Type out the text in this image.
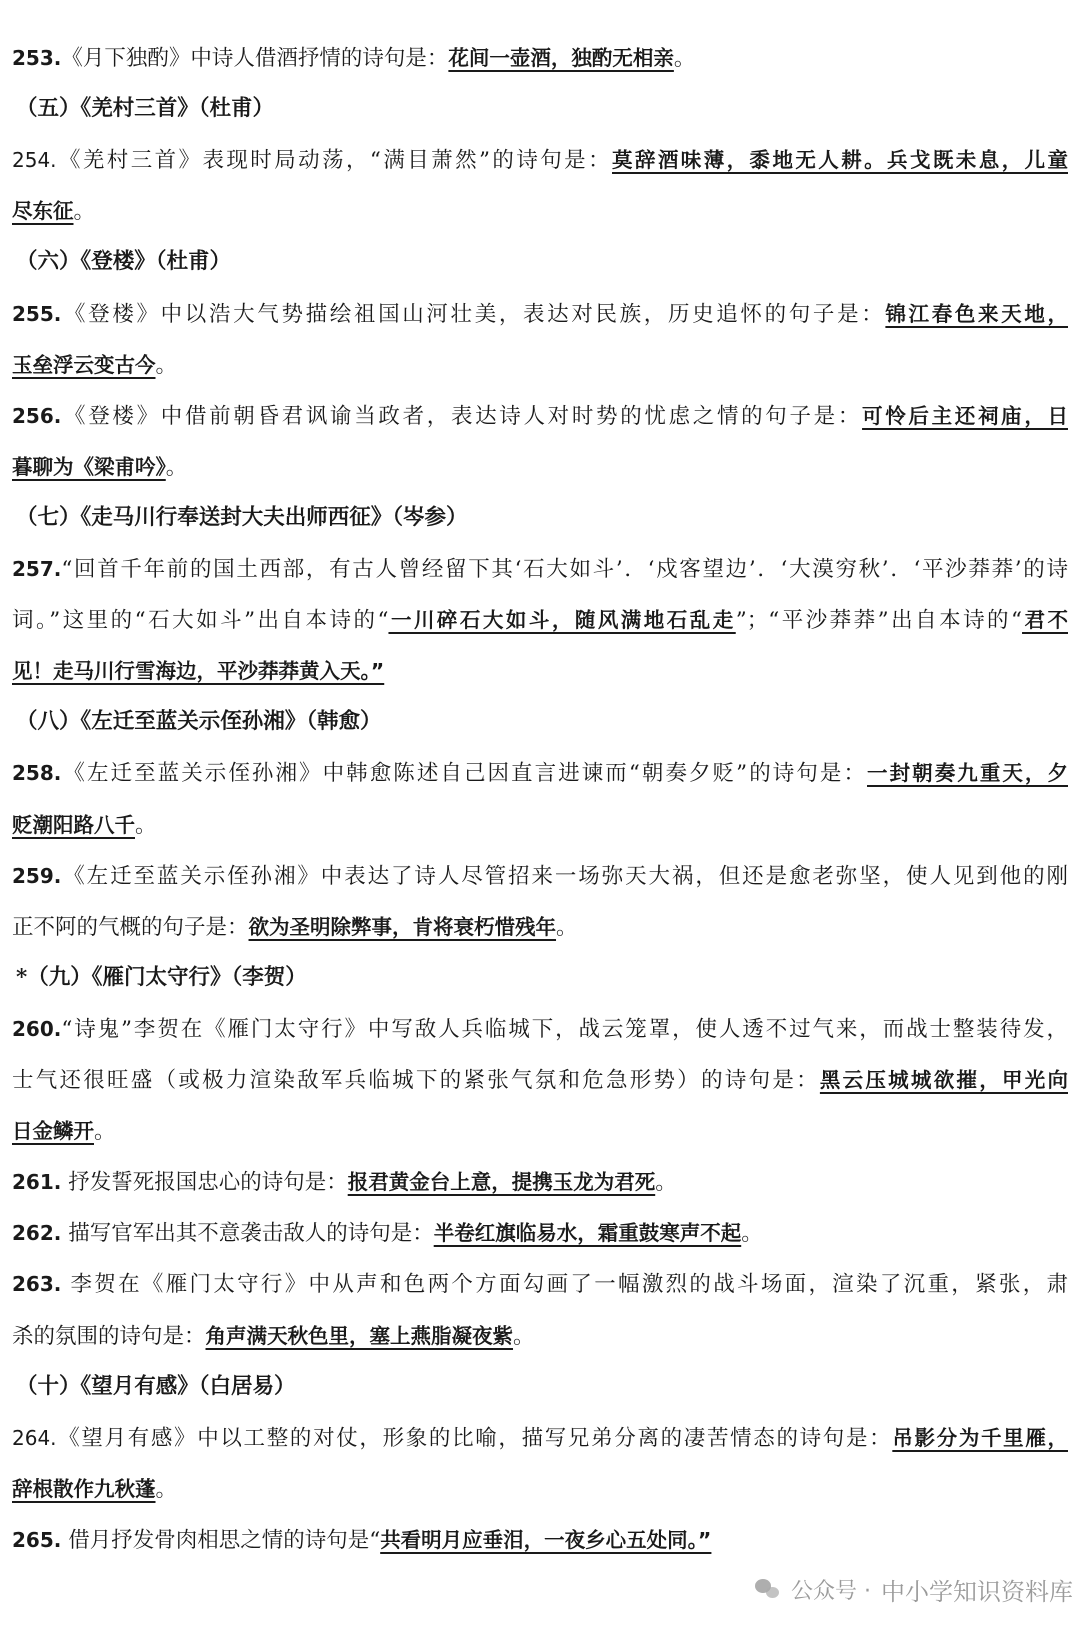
253.《月下独酌》中诗人借酒抒情的诗句是：花间一壶酒，独酌无相亲。
（五）《羌村三首》（杜甫）
254.《羌村三首》表现时局动荡，“满目萧然”的诗句是：莫辞酒味薄，黍地无人耕。兵戈既未息，儿童
尽东征。
（六）《登楼》（杜甫）
255.《登楼》中以浩大气势描绘祖国山河壮美，表达对民族，历史追怀的句子是：锦江春色来天地，
玉垒浮云变古今。
256.《登楼》中借前朝昏君讽谕当政者，表达诗人对时势的忧虑之情的句子是：可怜后主还祠庙，日
暮聊为《梁甫吟》。
（七）《走马川行奉送封大夫出师西征》（岑参）
257.“回首千年前的国土西部，有古人曾经留下其‘石大如斗’．‘戍客望边’．‘大漠穷秋’．‘平沙莽莽’的诗
词。”这里的“石大如斗”出自本诗的“一川碎石大如斗，随风满地石乱走”；“平沙莽莽”出自本诗的“君不
见！走马川行雪海边，平沙莽莽黄入天。”
（八）《左迁至蓝关示侄孙湘》（韩愈）
258.《左迁至蓝关示侄孙湘》中韩愈陈述自己因直言进谏而“朝奏夕贬”的诗句是：一封朝奏九重天，夕
贬潮阳路八千。
259.《左迁至蓝关示侄孙湘》中表达了诗人尽管招来一场弥天大祸，但还是愈老弥坚，使人见到他的刚
正不阿的气概的句子是：欲为圣明除弊事，肯将衰朽惜残年。
*（九）《雁门太守行》（李贺）
260.“诗鬼”李贺在《雁门太守行》中写敌人兵临城下，战云笼罩，使人透不过气来，而战士整装待发，
士气还很旺盛（或极力渲染敌军兵临城下的紧张气氛和危急形势）的诗句是：黑云压城城欲摧，甲光向
日金鳞开。
261. 抒发誓死报国忠心的诗句是：报君黄金台上意，提携玉龙为君死。
262. 描写官军出其不意袭击敌人的诗句是：半卷红旗临易水，霜重鼓寒声不起。
263. 李贺在《雁门太守行》中从声和色两个方面勾画了一幅激烈的战斗场面，渲染了沉重，紧张，肃
杀的氛围的诗句是：角声满天秋色里，塞上燕脂凝夜紫。
（十）《望月有感》（白居易）
264.《望月有感》中以工整的对仗，形象的比喻，描写兄弟分离的凄苦情态的诗句是：吊影分为千里雁，
辞根散作九秋蓬。
265. 借月抒发骨肉相思之情的诗句是“共看明月应垂泪，一夜乡心五处同。”
公众号 · 中小学知识资料库
